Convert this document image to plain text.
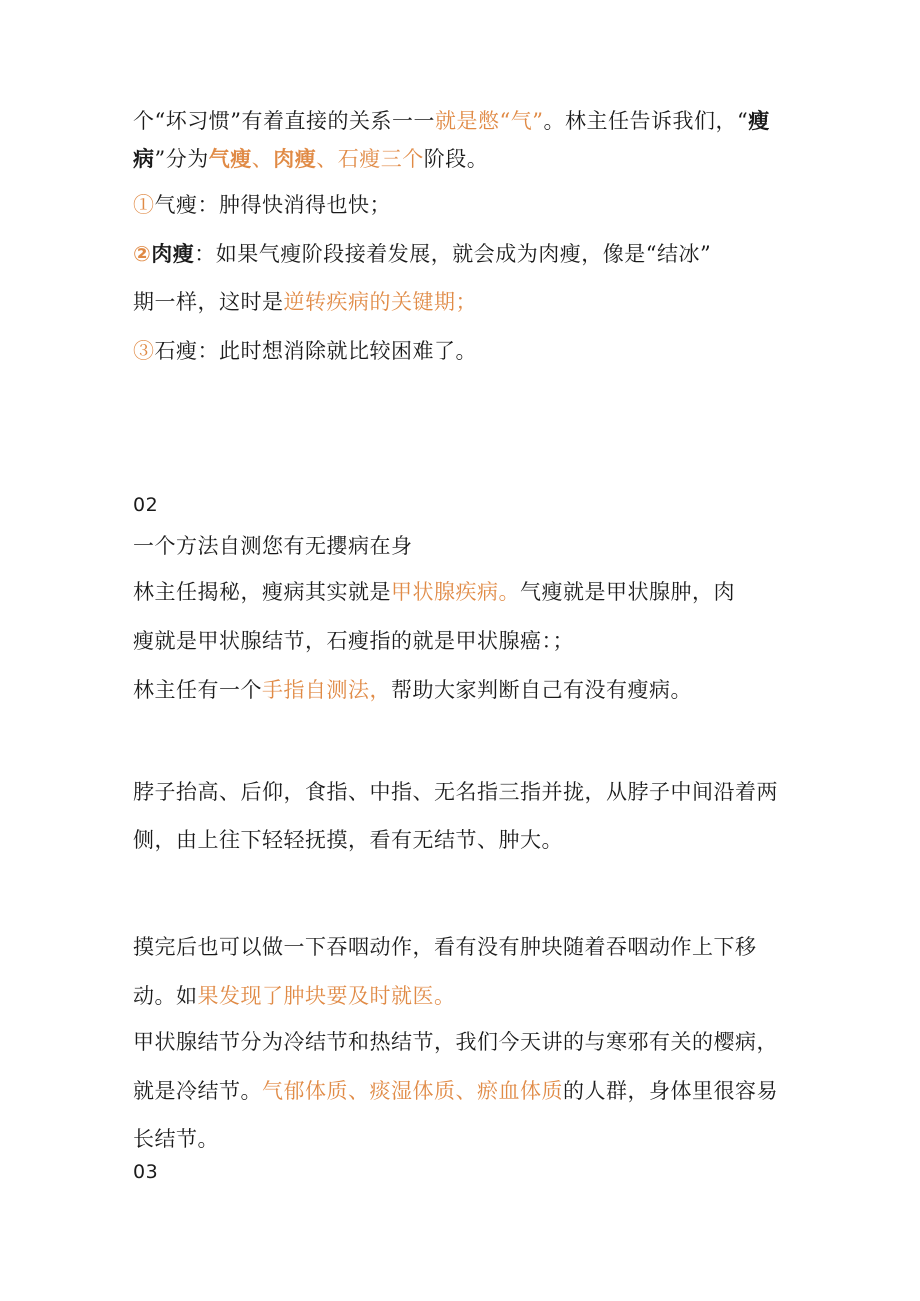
个“坏习惯”有着直接的关系一一就是憋“气”。林主任告诉我们，“瘦
病”分为气瘦、肉瘦、石瘦三个阶段。
①气瘦：肿得快消得也快；
②肉瘦：如果气瘦阶段接着发展，就会成为肉瘦，像是“结冰”
期一样，这时是逆转疾病的关键期；
③石瘦：此时想消除就比较困难了。
02
一个方法自测您有无攖病在身
林主任揭秘，瘦病其实就是甲状腺疾病。气瘦就是甲状腺肿，肉
瘦就是甲状腺结节，石瘦指的就是甲状腺癌：；
林主任有一个手指自测法，帮助大家判断自己有没有瘦病。
脖子抬高、后仰，食指、中指、无名指三指并拢，从脖子中间沿着两
侧，由上往下轻轻抚摸，看有无结节、肿大。
摸完后也可以做一下吞咽动作，看有没有肿块随着吞咽动作上下移
动。如果发现了肿块要及时就医。
甲状腺结节分为冷结节和热结节，我们今天讲的与寒邪有关的樱病，
就是冷结节。气郁体质、痰湿体质、瘀血体质的人群，身体里很容易
长结节。
03
